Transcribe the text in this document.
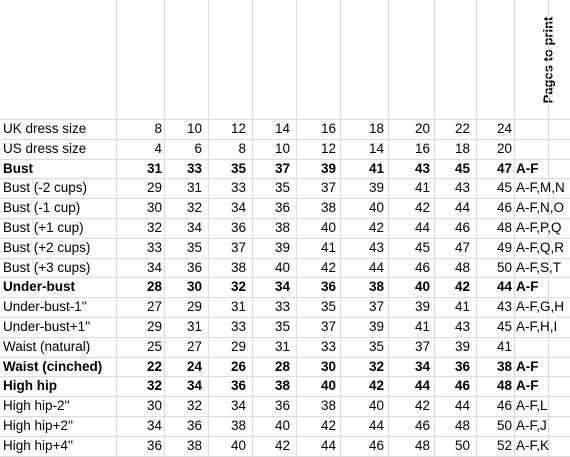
Pages to print
UK dress size	8	10	12	14	16	18	20	22	24
US dress size	4	6	8	10	12	14	16	18	20
Bust	31	33	35	37	39	41	43	45	47 A-F
Bust (-2 cups)	29	31	33	35	37	39	41	43	45 A-F,M,N
Bust (-1 cup)	30	32	34	36	38	40	42	44	46 A-F,N,O
Bust (+1 cup)	32	34	36	38	40	42	44	46	48 A-F,P,Q
Bust (+2 cups)	33	35	37	39	41	43	45	47	49 A-F,Q,R
Bust (+3 cups)	34	36	38	40	42	44	46	48	50 A-F,S,T
Under-bust	28	30	32	34	36	38	40	42	44 A-F
Under-bust-1''	27	29	31	33	35	37	39	41	43 A-F,G,H
Under-bust+1''	29	31	33	35	37	39	41	43	45 A-F,H,I
Waist (natural)	25	27	29	31	33	35	37	39	41
Waist (cinched)	22	24	26	28	30	32	34	36	38 A-F
High hip	32	34	36	38	40	42	44	46	48 A-F
High hip-2''	30	32	34	36	38	40	42	44	46 A-F,L
High hip+2''	34	36	38	40	42	44	46	48	50 A-F,J
High hip+4''	36	38	40	42	44	46	48	50	52 A-F,K
